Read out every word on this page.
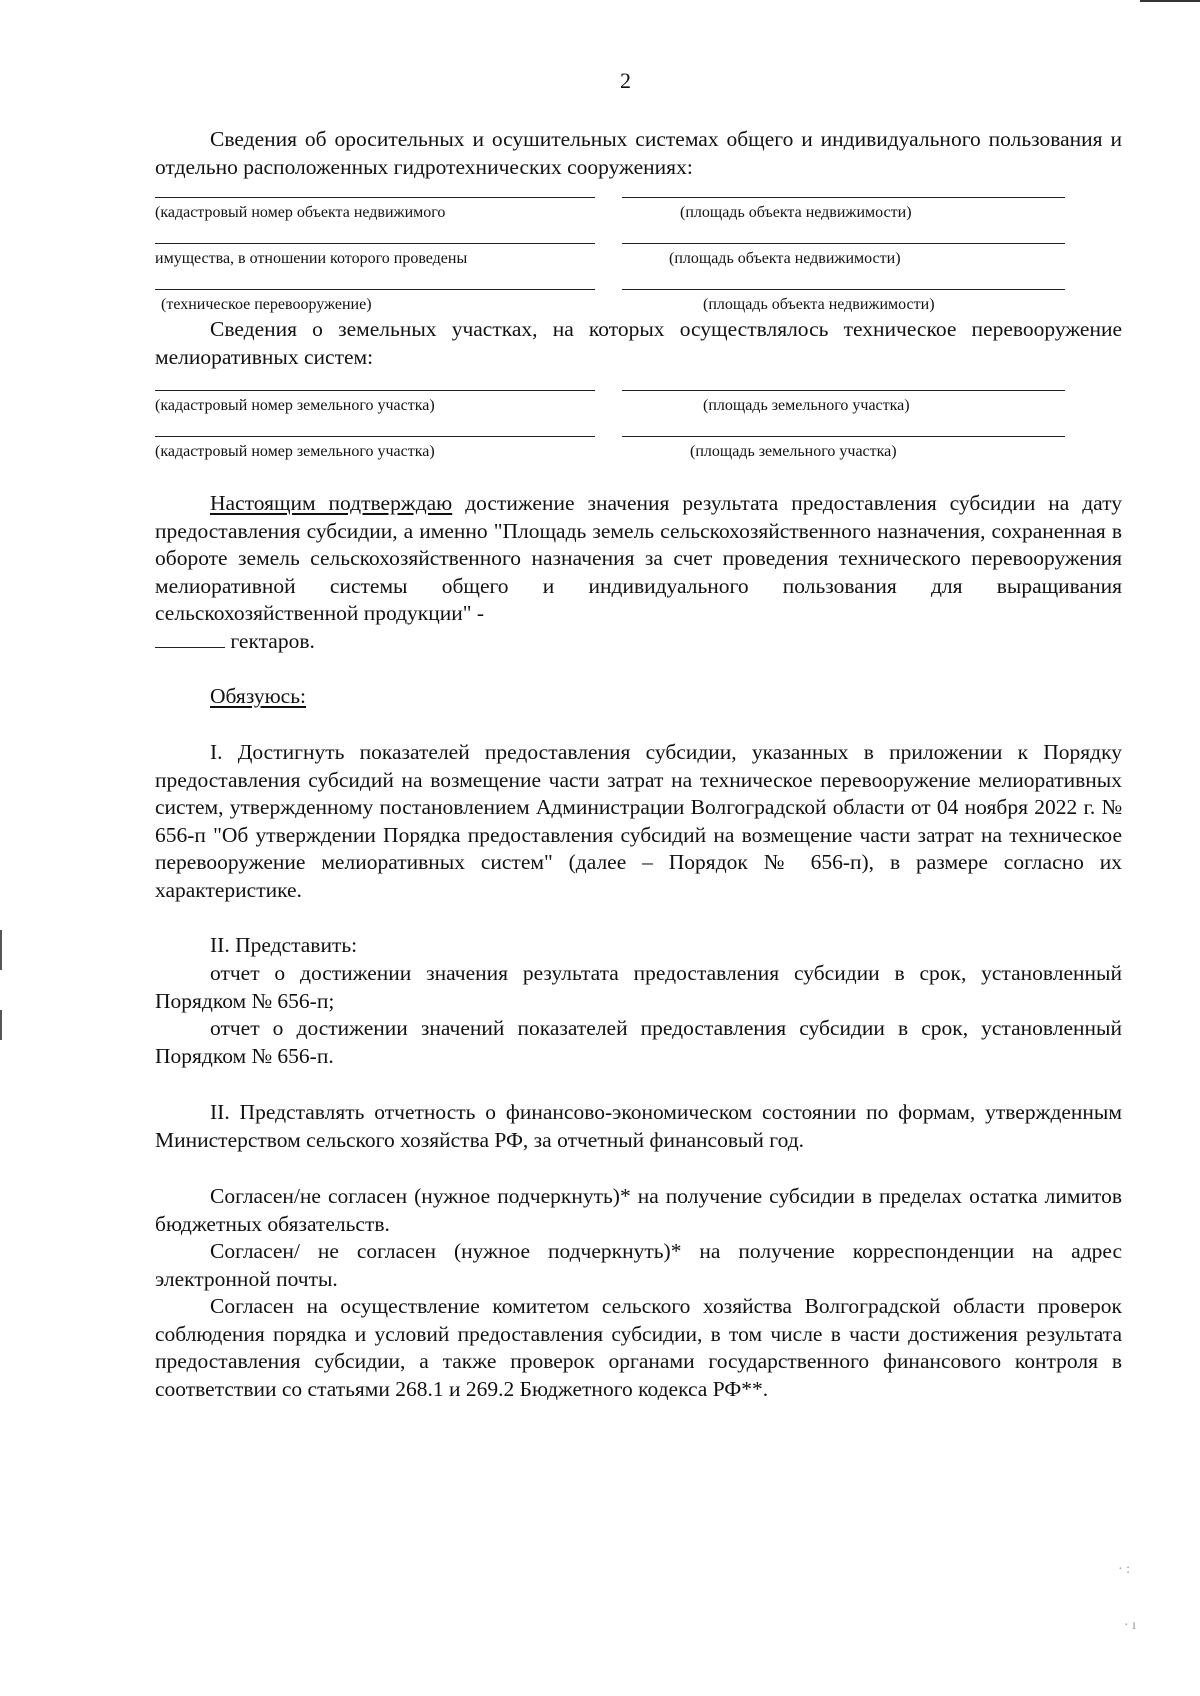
· :
· ı
2
Сведения об оросительных и осушительных системах общего и индивидуального пользования и отдельно расположенных гидротехнических сооружениях:
(кадастровый номер объекта недвижимого	(площадь объекта недвижимости)
имущества, в отношении которого проведены	(площадь объекта недвижимости)
(техническое перевооружение)	(площадь объекта недвижимости)
Сведения о земельных участках, на которых осуществлялось техническое перевооружение мелиоративных систем:
(кадастровый номер земельного участка)	(площадь земельного участка)
(кадастровый номер земельного участка)	(площадь земельного участка)
Настоящим подтверждаю достижение значения результата предоставления субсидии на дату предоставления субсидии, а именно "Площадь земель сельскохозяйственного назначения, сохраненная в обороте земель сельскохозяйственного назначения за счет проведения технического перевооружения мелиоративной системы общего и индивидуального пользования для выращивания сельскохозяйственной продукции" -
гектаров.
Обязуюсь:
I. Достигнуть показателей предоставления субсидии, указанных в приложении к Порядку предоставления субсидий на возмещение части затрат на техническое перевооружение мелиоративных систем, утвержденному постановлением Администрации Волгоградской области от 04 ноября 2022 г. № 656-п "Об утверждении Порядка предоставления субсидий на возмещение части затрат на техническое перевооружение мелиоративных систем" (далее – Порядок № 656-п), в размере согласно их характеристике.
II. Представить:
отчет о достижении значения результата предоставления субсидии в срок, установленный Порядком № 656-п;
отчет о достижении значений показателей предоставления субсидии в срок, установленный Порядком № 656-п.
II. Представлять отчетность о финансово-экономическом состоянии по формам, утвержденным Министерством сельского хозяйства РФ, за отчетный финансовый год.
Согласен/не согласен (нужное подчеркнуть)* на получение субсидии в пределах остатка лимитов бюджетных обязательств.
Согласен/ не согласен (нужное подчеркнуть)* на получение корреспонденции на адрес электронной почты.
Согласен на осуществление комитетом сельского хозяйства Волгоградской области проверок соблюдения порядка и условий предоставления субсидии, в том числе в части достижения результата предоставления субсидии, а также проверок органами государственного финансового контроля в соответствии со статьями 268.1 и 269.2 Бюджетного кодекса РФ**.
